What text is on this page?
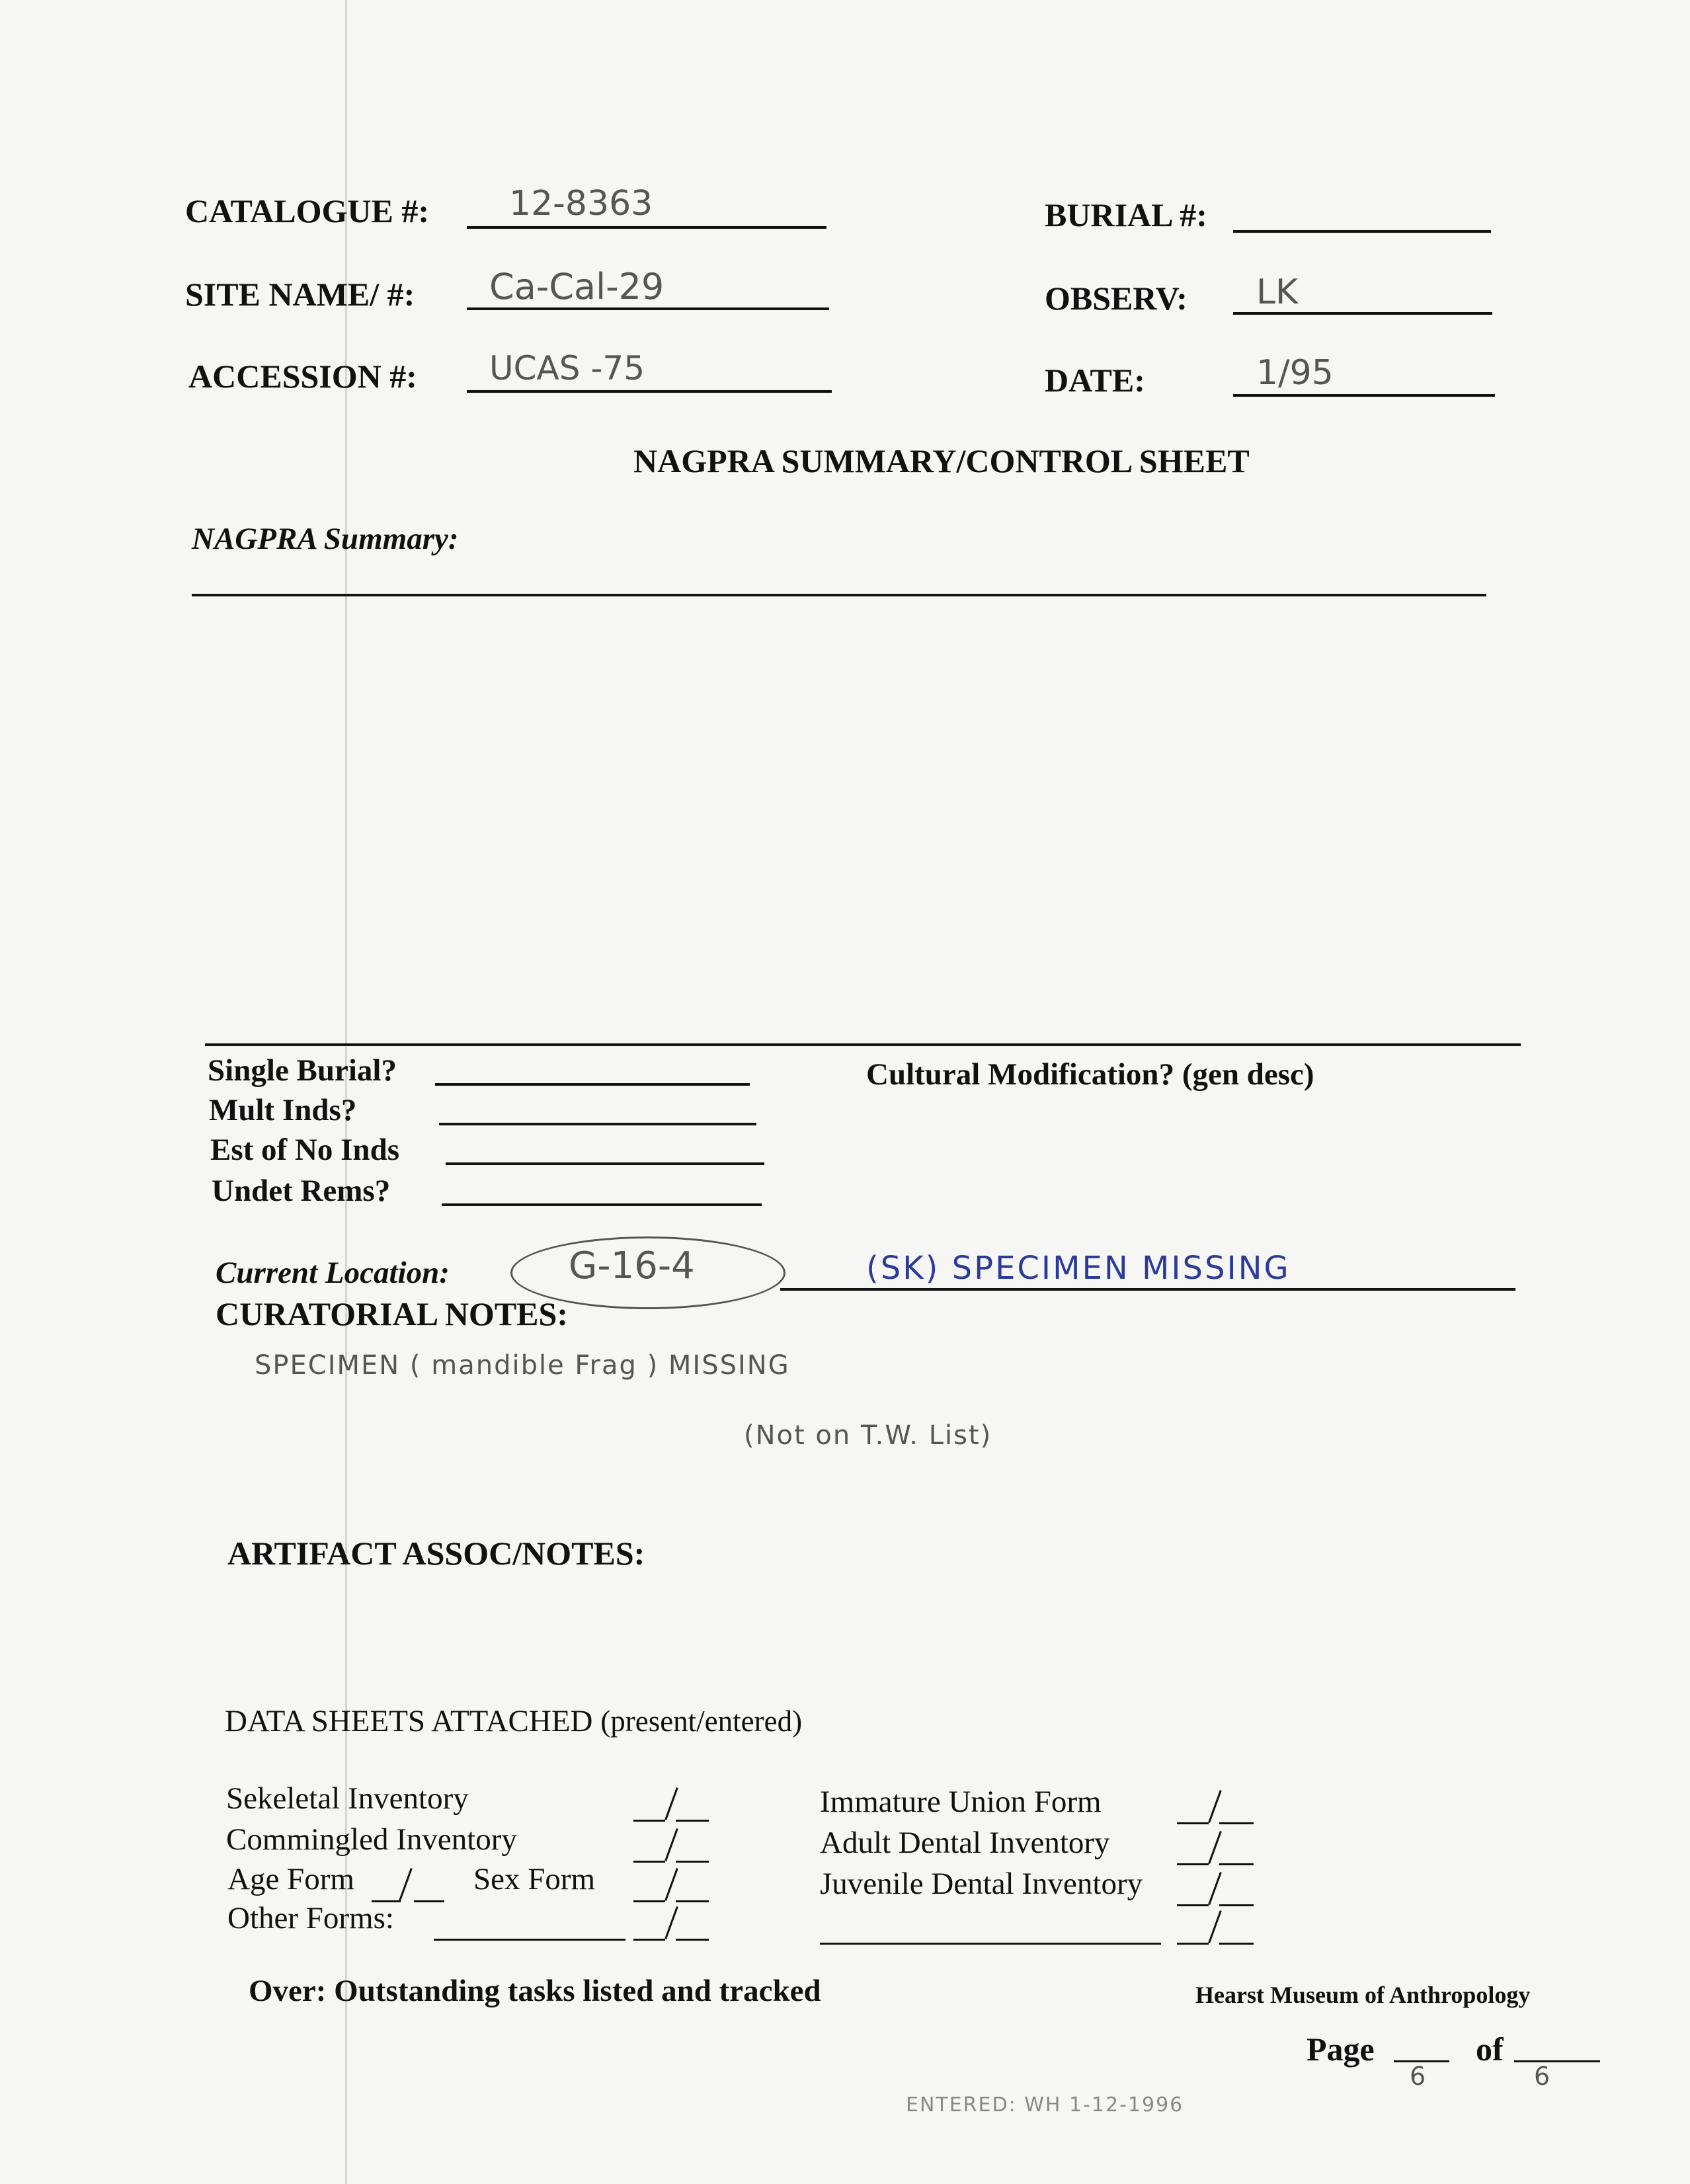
CATALOGUE #: 12-8363	BURIAL #:
SITE NAME/ #: Ca-Cal-29	OBSERV: LK
ACCESSION #: UCAS -75	DATE:	1/95
NAGPRA SUMMARY/CONTROL SHEET
NAGPRA Summary:
Single Burial?
Mult Inds?
Est of No Inds
Undet Rems?
Cultural Modification? (gen desc)
Current Location:	G-16-4	(SK) SPECIMEN MISSING
CURATORIAL NOTES:
SPECIMEN ( mandible Frag ) MISSING
(Not on T.W. List)
ARTIFACT ASSOC/NOTES:
DATA SHEETS ATTACHED (present/entered)
Sekeletal Inventory
Commingled Inventory
Age Form	Sex Form
Other Forms:
Immature Union Form
Adult Dental Inventory
Juvenile Dental Inventory
Over: Outstanding tasks listed and tracked	Hearst Museum of Anthropology
Page
6
of
6
ENTERED: WH 1-12-1996
